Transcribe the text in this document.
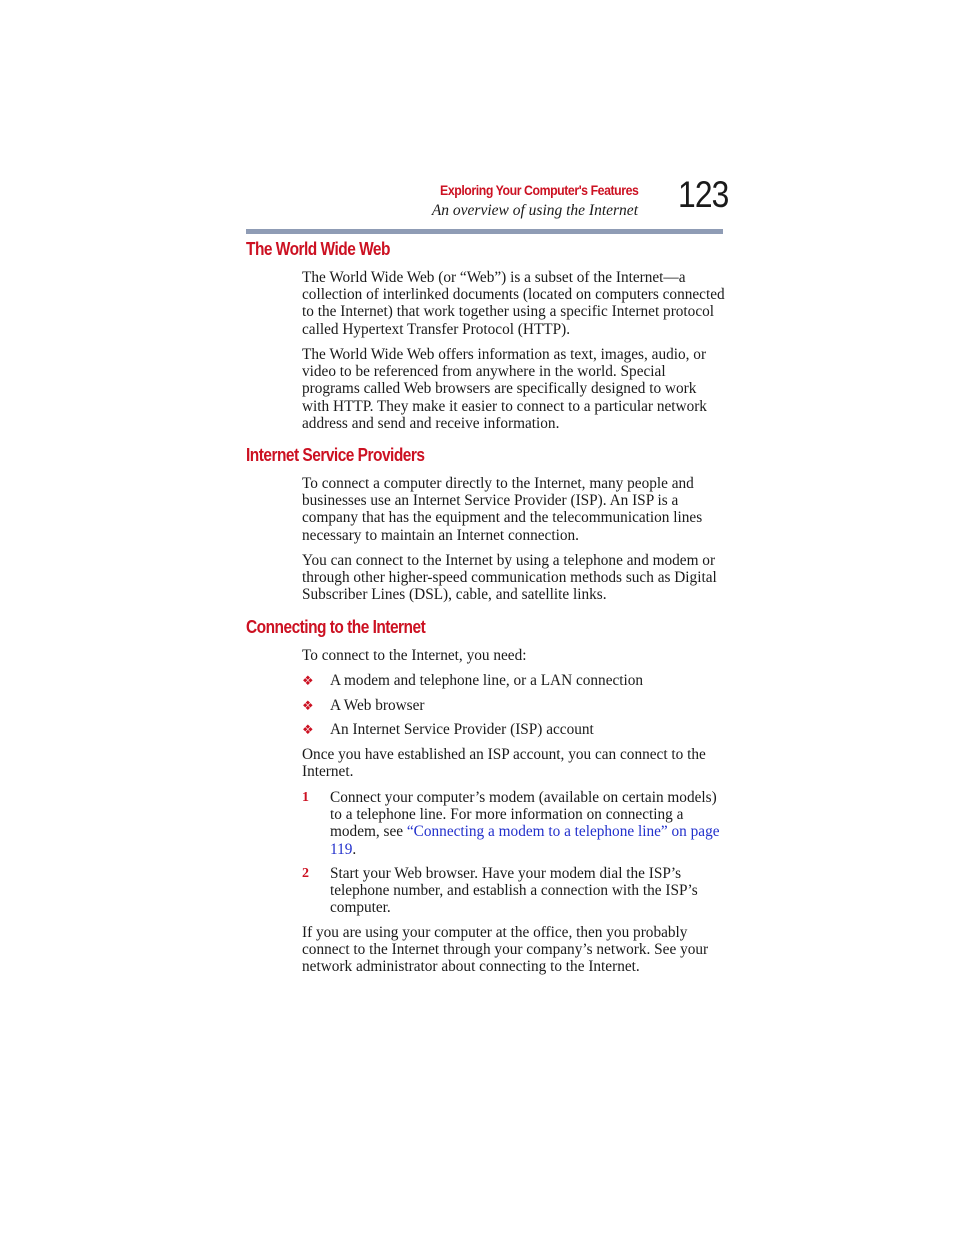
Exploring Your Computer's Features
An overview of using the Internet 123
The World Wide Web

The World Wide Web (or “Web”) is a subset of the Internet—a collection of interlinked documents (located on computers connected to the Internet) that work together using a specific Internet protocol called Hypertext Transfer Protocol (HTTP).

The World Wide Web offers information as text, images, audio, or video to be referenced from anywhere in the world. Special programs called Web browsers are specifically designed to work with HTTP. They make it easier to connect to a particular network address and send and receive information.

Internet Service Providers

To connect a computer directly to the Internet, many people and businesses use an Internet Service Provider (ISP). An ISP is a company that has the equipment and the telecommunication lines necessary to maintain an Internet connection.

You can connect to the Internet by using a telephone and modem or through other higher-speed communication methods such as Digital Subscriber Lines (DSL), cable, and satellite links.

Connecting to the Internet

To connect to the Internet, you need:

❖ A modem and telephone line, or a LAN connection
❖ A Web browser
❖ An Internet Service Provider (ISP) account

Once you have established an ISP account, you can connect to the Internet.

1 Connect your computer’s modem (available on certain models) to a telephone line. For more information on connecting a modem, see “Connecting a modem to a telephone line” on page 119.
2 Start your Web browser. Have your modem dial the ISP’s telephone number, and establish a connection with the ISP’s computer.

If you are using your computer at the office, then you probably connect to the Internet through your company’s network. See your network administrator about connecting to the Internet.
